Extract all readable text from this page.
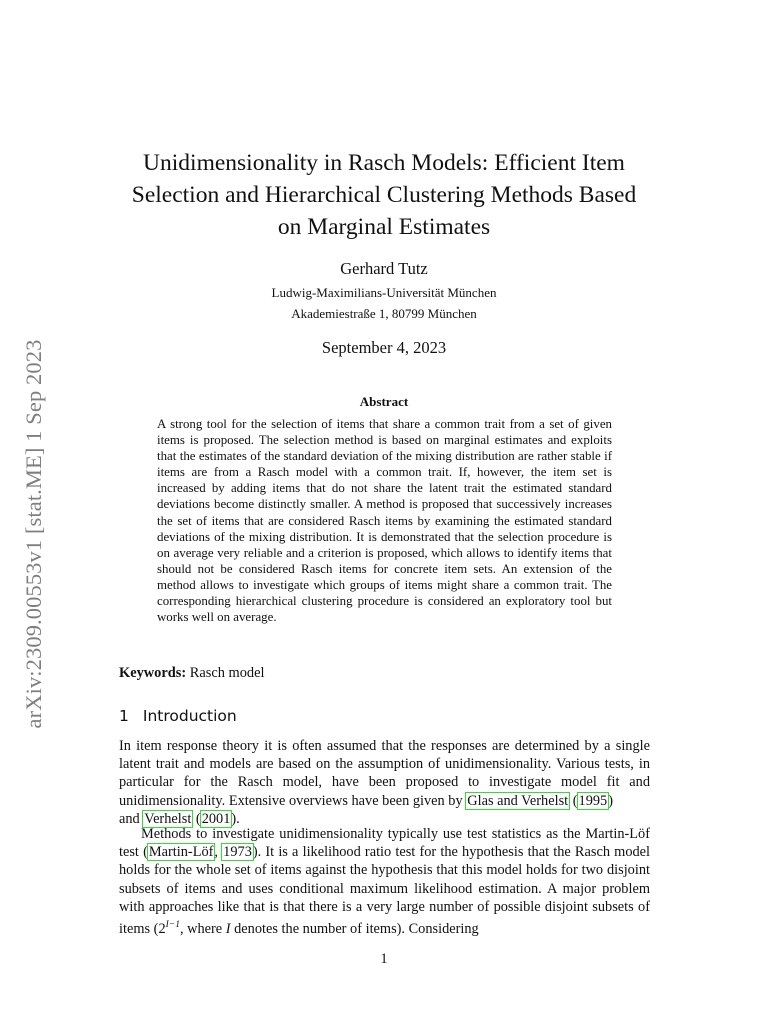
arXiv:2309.00553v1 [stat.ME] 1 Sep 2023
Unidimensionality in Rasch Models: Efficient Item Selection and Hierarchical Clustering Methods Based on Marginal Estimates

Gerhard Tutz

Ludwig-Maximilians-Universität München

Akademiestraße 1, 80799 München

September 4, 2023

Abstract

A strong tool for the selection of items that share a common trait from a set of given items is proposed. The selection method is based on marginal estimates and exploits that the estimates of the standard deviation of the mixing distribution are rather stable if items are from a Rasch model with a common trait. If, however, the item set is increased by adding items that do not share the latent trait the estimated standard deviations become distinctly smaller. A method is proposed that successively increases the set of items that are considered Rasch items by examining the estimated standard deviations of the mixing distribution. It is demonstrated that the selection procedure is on average very reliable and a criterion is proposed, which allows to identify items that should not be considered Rasch items for concrete item sets. An extension of the method allows to investigate which groups of items might share a common trait. The corresponding hierarchical clustering procedure is considered an exploratory tool but works well on average.

Keywords: Rasch model

1 Introduction

In item response theory it is often assumed that the responses are determined by a single latent trait and models are based on the assumption of unidimensionality. Various tests, in particular for the Rasch model, have been proposed to investigate model fit and unidimensionality. Extensive overviews have been given by Glas and Verhelst (1995)
and Verhelst (2001).

Methods to investigate unidimensionality typically use test statistics as the Martin-Löf test (Martin-Löf, 1973). It is a likelihood ratio test for the hypothesis that the Rasch model holds for the whole set of items against the hypothesis that this model holds for two disjoint subsets of items and uses conditional maximum likelihood estimation. A major problem with approaches like that is that there is a very large number of possible disjoint subsets of items ($2^{I-1}$, where I denotes the number of items). Considering

1
